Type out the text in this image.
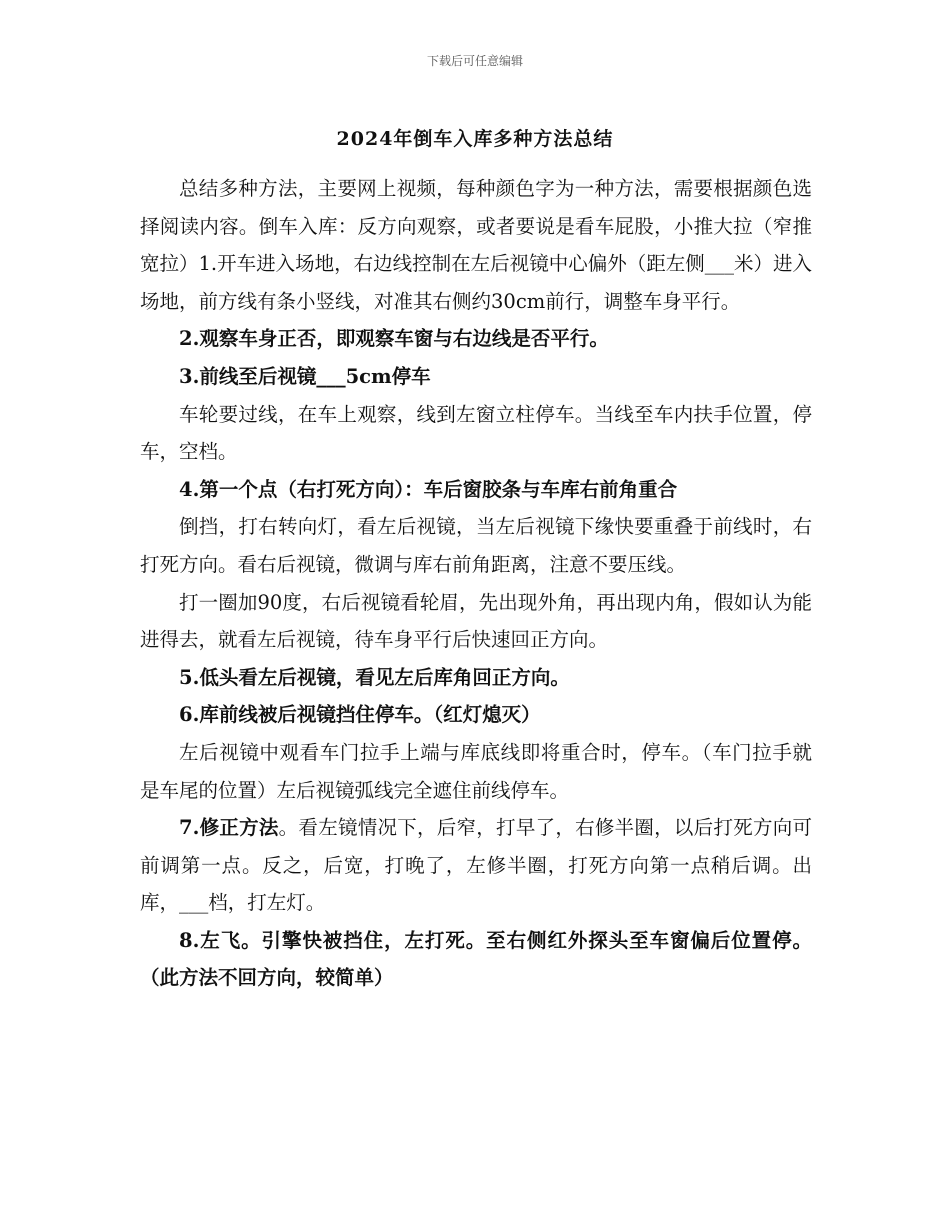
下载后可任意编辑
2024年倒车入库多种方法总结

总结多种方法，主要网上视频，每种颜色字为一种方法，需要根据颜色选择阅读内容。倒车入库：反方向观察，或者要说是看车屁股，小推大拉（窄推宽拉）1.开车进入场地，右边线控制在左后视镜中心偏外（距左侧___米）进入场地，前方线有条小竖线，对准其右侧约30cm前行，调整车身平行。

2.观察车身正否，即观察车窗与右边线是否平行。

3.前线至后视镜___5cm停车

车轮要过线，在车上观察，线到左窗立柱停车。当线至车内扶手位置，停车，空档。

4.第一个点（右打死方向）：车后窗胶条与车库右前角重合

倒挡，打右转向灯，看左后视镜，当左后视镜下缘快要重叠于前线时，右打死方向。看右后视镜，微调与库右前角距离，注意不要压线。

打一圈加90度，右后视镜看轮眉，先出现外角，再出现内角，假如认为能进得去，就看左后视镜，待车身平行后快速回正方向。

5.低头看左后视镜，看见左后库角回正方向。

6.库前线被后视镜挡住停车。（红灯熄灭）

左后视镜中观看车门拉手上端与库底线即将重合时，停车。（车门拉手就是车尾的位置）左后视镜弧线完全遮住前线停车。

7.修正方法。看左镜情况下，后窄，打早了，右修半圈，以后打死方向可前调第一点。反之，后宽，打晚了，左修半圈，打死方向第一点稍后调。出库，___档，打左灯。

8.左飞。引擎快被挡住，左打死。至右侧红外探头至车窗偏后位置停。（此方法不回方向，较简单）
